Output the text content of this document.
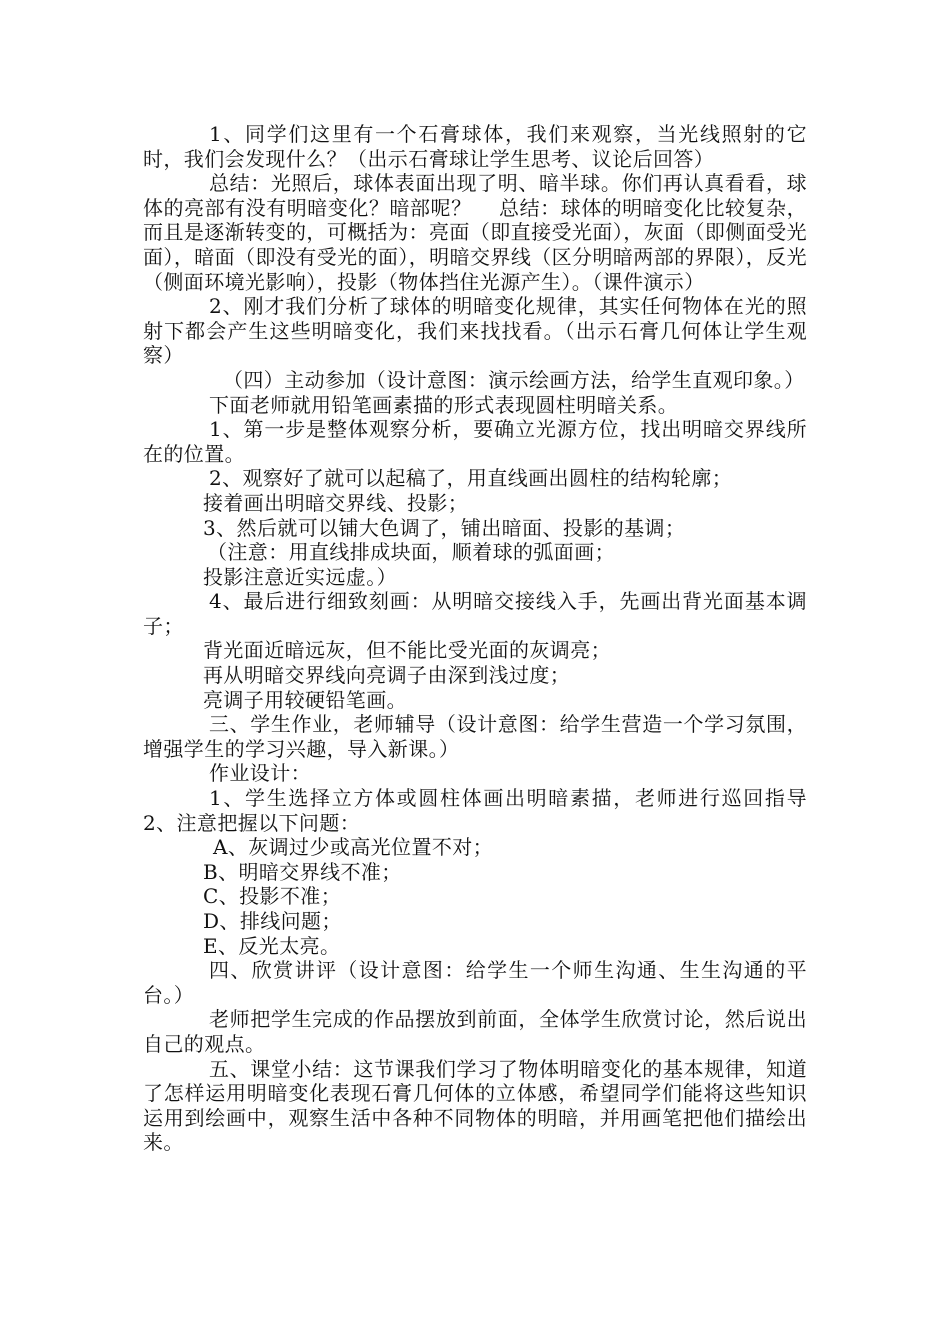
1、同学们这里有一个石膏球体，我们来观察，当光线照射的它时，我们会发现什么？（出示石膏球让学生思考、议论后回答）

总结：光照后，球体表面出现了明、暗半球。你们再认真看看，球体的亮部有没有明暗变化？暗部呢？　 总结：球体的明暗变化比较复杂，而且是逐渐转变的，可概括为：亮面（即直接受光面），灰面（即侧面受光面），暗面（即没有受光的面），明暗交界线（区分明暗两部的界限），反光（侧面环境光影响），投影（物体挡住光源产生）。（课件演示）

2、刚才我们分析了球体的明暗变化规律，其实任何物体在光的照射下都会产生这些明暗变化，我们来找找看。（出示石膏几何体让学生观察）

（四）主动参加（设计意图：演示绘画方法，给学生直观印象。）

下面老师就用铅笔画素描的形式表现圆柱明暗关系。

1、第一步是整体观察分析，要确立光源方位，找出明暗交界线所在的位置。

2、观察好了就可以起稿了，用直线画出圆柱的结构轮廓；

接着画出明暗交界线、投影；

3、然后就可以铺大色调了，铺出暗面、投影的基调；

（注意：用直线排成块面，顺着球的弧面画；

投影注意近实远虚。）

4、最后进行细致刻画：从明暗交接线入手，先画出背光面基本调子；

背光面近暗远灰，但不能比受光面的灰调亮；

再从明暗交界线向亮调子由深到浅过度；

亮调子用较硬铅笔画。

三、学生作业，老师辅导（设计意图：给学生营造一个学习氛围，增强学生的学习兴趣，导入新课。）

作业设计：

1、学生选择立方体或圆柱体画出明暗素描，老师进行巡回指导　2、注意把握以下问题：

A、灰调过少或高光位置不对；

B、明暗交界线不准；

C、投影不准；

D、排线问题；

E、反光太亮。

四、欣赏讲评（设计意图：给学生一个师生沟通、生生沟通的平台。）

老师把学生完成的作品摆放到前面，全体学生欣赏讨论，然后说出自己的观点。

五、课堂小结：这节课我们学习了物体明暗变化的基本规律，知道了怎样运用明暗变化表现石膏几何体的立体感，希望同学们能将这些知识运用到绘画中，观察生活中各种不同物体的明暗，并用画笔把他们描绘出来。
